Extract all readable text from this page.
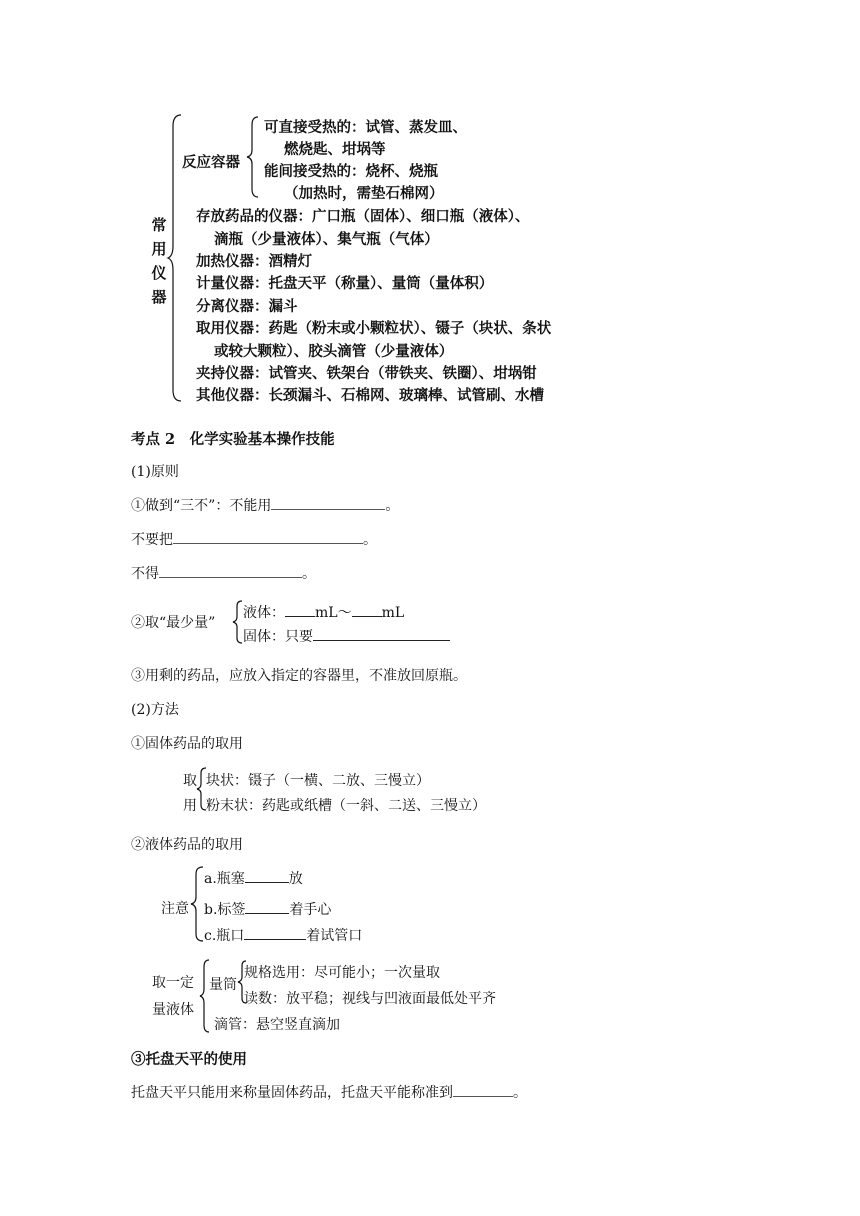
常
用
仪
器
反应容器
可直接受热的：试管、蒸发皿、
燃烧匙、坩埚等
能间接受热的：烧杯、烧瓶
（加热时，需垫石棉网）
存放药品的仪器：广口瓶（固体）、细口瓶（液体）、
滴瓶（少量液体）、集气瓶（气体）
加热仪器：酒精灯
计量仪器：托盘天平（称量）、量筒（量体积）
分离仪器：漏斗
取用仪器：药匙（粉末或小颗粒状）、镊子（块状、条状
或较大颗粒）、胶头滴管（少量液体）
夹持仪器：试管夹、铁架台（带铁夹、铁圈）、坩埚钳
其他仪器：长颈漏斗、石棉网、玻璃棒、试管刷、水槽
考点 2　化学实验基本操作技能
(1)原则
①做到“三不”：不能用	。
不要把	。
不得	。
②取“最少量”
液体： mL～ mL
固体：只要
③用剩的药品，应放入指定的容器里，不准放回原瓶。
(2)方法
①固体药品的取用
取
用
块状：镊子（一横、二放、三慢立）
粉末状：药匙或纸槽（一斜、二送、三慢立）
②液体药品的取用
注意
a.瓶塞	放
b.标签	着手心
c.瓶口	着试管口
取一定
量液体
量筒
规格选用：尽可能小；一次量取
读数：放平稳；视线与凹液面最低处平齐
滴管：悬空竖直滴加
③托盘天平的使用
托盘天平只能用来称量固体药品，托盘天平能称准到	。
